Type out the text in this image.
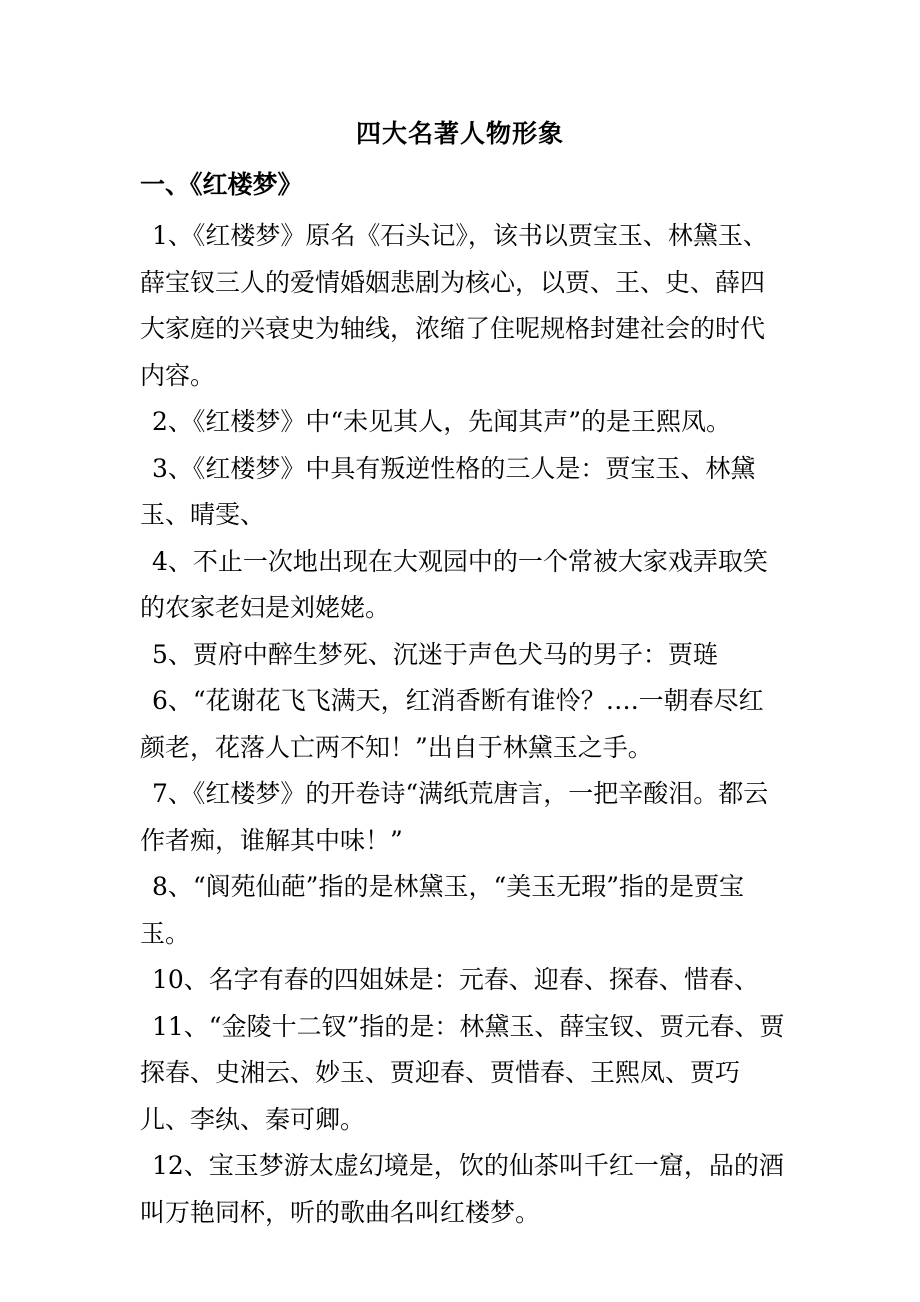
四大名著人物形象
一、《红楼梦》

1、《红楼梦》原名《石头记》，该书以贾宝玉、林黛玉、薛宝钗三人的爱情婚姻悲剧为核心，以贾、王、史、薛四大家庭的兴衰史为轴线，浓缩了住呢规格封建社会的时代内容。

2、《红楼梦》中“未见其人，先闻其声”的是王熙凤。

3、《红楼梦》中具有叛逆性格的三人是：贾宝玉、林黛玉、晴雯、

4、不止一次地出现在大观园中的一个常被大家戏弄取笑的农家老妇是刘姥姥。

5、贾府中醉生梦死、沉迷于声色犬马的男子：贾琏

6、“花谢花飞飞满天，红消香断有谁怜？….一朝春尽红颜老，花落人亡两不知！”出自于林黛玉之手。

7、《红楼梦》的开卷诗“满纸荒唐言，一把辛酸泪。都云作者痴，谁解其中味！”

8、“阆苑仙葩”指的是林黛玉，“美玉无瑕”指的是贾宝玉。

10、名字有春的四姐妹是：元春、迎春、探春、惜春、

11、“金陵十二钗”指的是：林黛玉、薛宝钗、贾元春、贾探春、史湘云、妙玉、贾迎春、贾惜春、王熙凤、贾巧儿、李纨、秦可卿。

12、宝玉梦游太虚幻境是，饮的仙茶叫千红一窟，品的酒叫万艳同杯，听的歌曲名叫红楼梦。
